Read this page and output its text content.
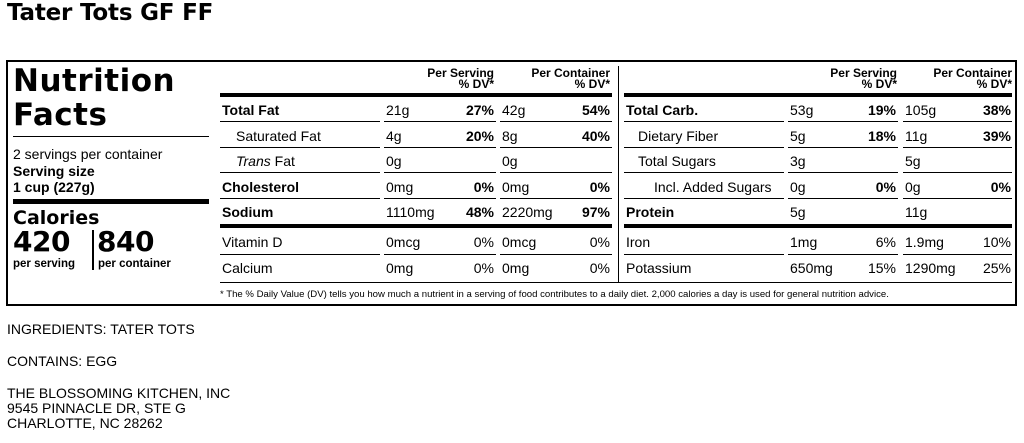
Tater Tots GF FF
Nutrition
Facts
2 servings per container
Serving size
1 cup (227g)
Calories
420 840
per serving per container
Per Serving
% DV*
Per Container
% DV*
Per Serving
% DV*
Per Container
% DV*
Total Fat	21g	27% 42g	54%
Saturated Fat	4g	20% 8g	40%
Trans Fat	0g	0g
Cholesterol	0mg	0% 0mg	0%
Sodium	1110mg	48% 2220mg	97%
Vitamin D	0mcg	0% 0mcg	0%
Calcium	0mg	0% 0mg	0%
Total Carb.	53g	19% 105g	38%
Dietary Fiber	5g	18% 11g	39%
Total Sugars	3g	5g
Incl. Added Sugars 0g	0% 0g	0%
Protein	5g	11g
Iron	1mg	6% 1.9mg	10%
Potassium	650mg	15% 1290mg	25%
* The % Daily Value (DV) tells you how much a nutrient in a serving of food contributes to a daily diet. 2,000 calories a day is used for general nutrition advice.
INGREDIENTS: TATER TOTS
CONTAINS: EGG
THE BLOSSOMING KITCHEN, INC
9545 PINNACLE DR, STE G
CHARLOTTE, NC 28262
